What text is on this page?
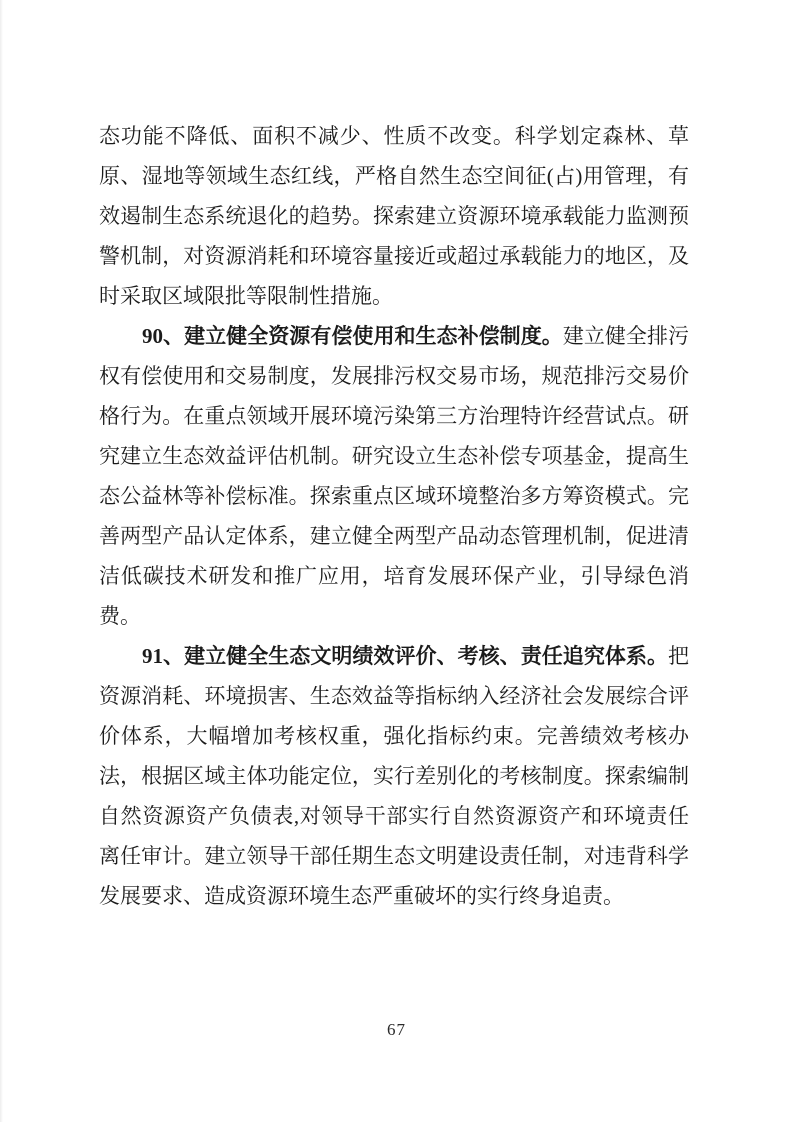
态功能不降低、面积不减少、性质不改变。科学划定森林、草原、湿地等领域生态红线，严格自然生态空间征(占)用管理，有效遏制生态系统退化的趋势。探索建立资源环境承载能力监测预警机制，对资源消耗和环境容量接近或超过承载能力的地区，及时采取区域限批等限制性措施。

90、建立健全资源有偿使用和生态补偿制度。建立健全排污权有偿使用和交易制度，发展排污权交易市场，规范排污交易价格行为。在重点领域开展环境污染第三方治理特许经营试点。研究建立生态效益评估机制。研究设立生态补偿专项基金，提高生态公益林等补偿标准。探索重点区域环境整治多方筹资模式。完善两型产品认定体系，建立健全两型产品动态管理机制，促进清洁低碳技术研发和推广应用，培育发展环保产业，引导绿色消费。

91、建立健全生态文明绩效评价、考核、责任追究体系。把资源消耗、环境损害、生态效益等指标纳入经济社会发展综合评价体系，大幅增加考核权重，强化指标约束。完善绩效考核办法，根据区域主体功能定位，实行差别化的考核制度。探索编制自然资源资产负债表,对领导干部实行自然资源资产和环境责任离任审计。建立领导干部任期生态文明建设责任制，对违背科学发展要求、造成资源环境生态严重破坏的实行终身追责。

67
